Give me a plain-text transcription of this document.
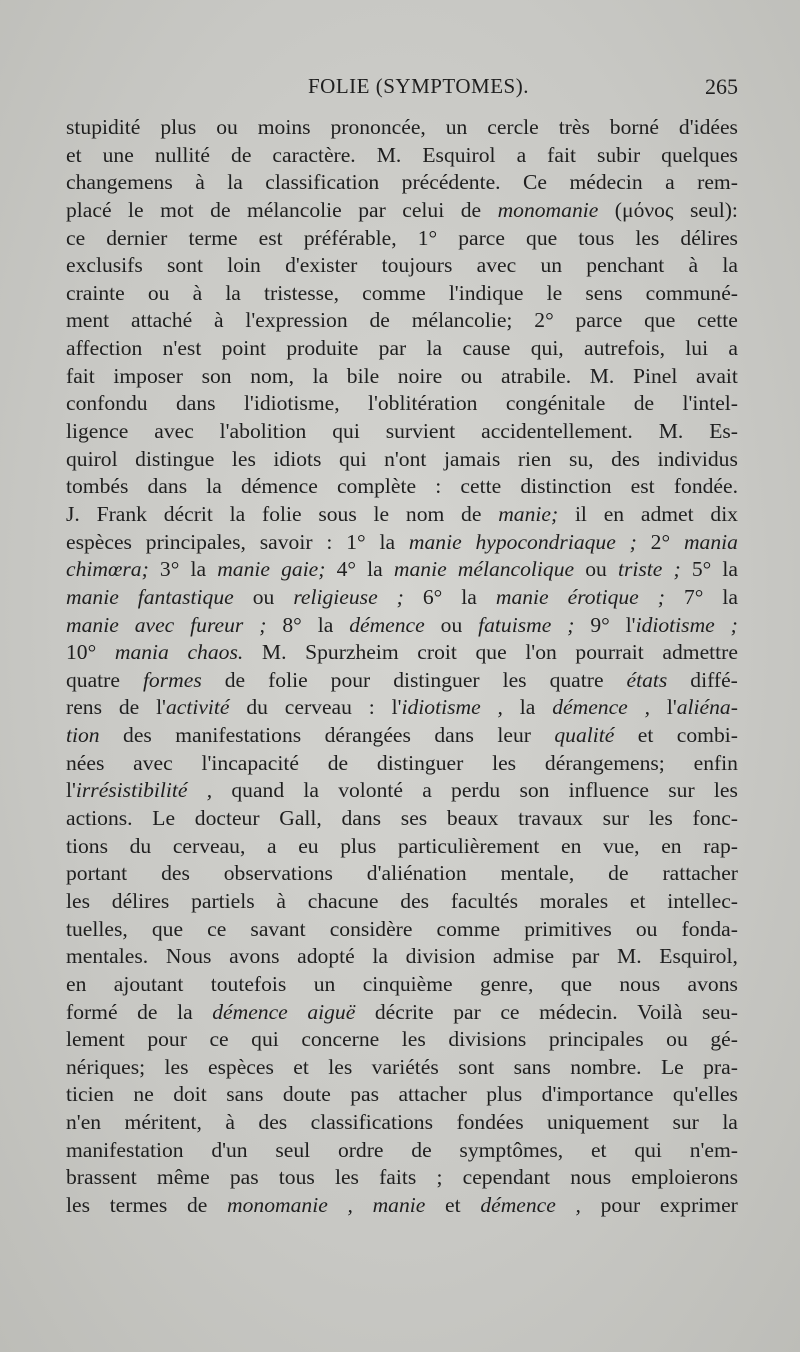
FOLIE (SYMPTOMES).	265
stupidité plus ou moins prononcée, un cercle très borné d'idées
et une nullité de caractère. M. Esquirol a fait subir quelques
changemens à la classification précédente. Ce médecin a rem-
placé le mot de mélancolie par celui de monomanie (μόνος seul):
ce dernier terme est préférable, 1° parce que tous les délires
exclusifs sont loin d'exister toujours avec un penchant à la
crainte ou à la tristesse, comme l'indique le sens communé-
ment attaché à l'expression de mélancolie; 2° parce que cette
affection n'est point produite par la cause qui, autrefois, lui a
fait imposer son nom, la bile noire ou atrabile. M. Pinel avait
confondu dans l'idiotisme, l'oblitération congénitale de l'intel-
ligence avec l'abolition qui survient accidentellement. M. Es-
quirol distingue les idiots qui n'ont jamais rien su, des individus
tombés dans la démence complète : cette distinction est fondée.
J. Frank décrit la folie sous le nom de manie; il en admet dix
espèces principales, savoir : 1° la manie hypocondriaque ; 2° mania
chimœra; 3° la manie gaie; 4° la manie mélancolique ou triste ; 5° la
manie fantastique ou religieuse ; 6° la manie érotique ; 7° la
manie avec fureur ; 8° la démence ou fatuisme ; 9° l'idiotisme ;
10° mania chaos. M. Spurzheim croit que l'on pourrait admettre
quatre formes de folie pour distinguer les quatre états diffé-
rens de l'activité du cerveau : l'idiotisme , la démence , l'aliéna-
tion des manifestations dérangées dans leur qualité et combi-
nées avec l'incapacité de distinguer les dérangemens; enfin
l'irrésistibilité , quand la volonté a perdu son influence sur les
actions. Le docteur Gall, dans ses beaux travaux sur les fonc-
tions du cerveau, a eu plus particulièrement en vue, en rap-
portant des observations d'aliénation mentale, de rattacher
les délires partiels à chacune des facultés morales et intellec-
tuelles, que ce savant considère comme primitives ou fonda-
mentales. Nous avons adopté la division admise par M. Esquirol,
en ajoutant toutefois un cinquième genre, que nous avons
formé de la démence aiguë décrite par ce médecin. Voilà seu-
lement pour ce qui concerne les divisions principales ou gé-
nériques; les espèces et les variétés sont sans nombre. Le pra-
ticien ne doit sans doute pas attacher plus d'importance qu'elles
n'en méritent, à des classifications fondées uniquement sur la
manifestation d'un seul ordre de symptômes, et qui n'em-
brassent même pas tous les faits ; cependant nous emploierons
les termes de monomanie , manie et démence , pour exprimer
